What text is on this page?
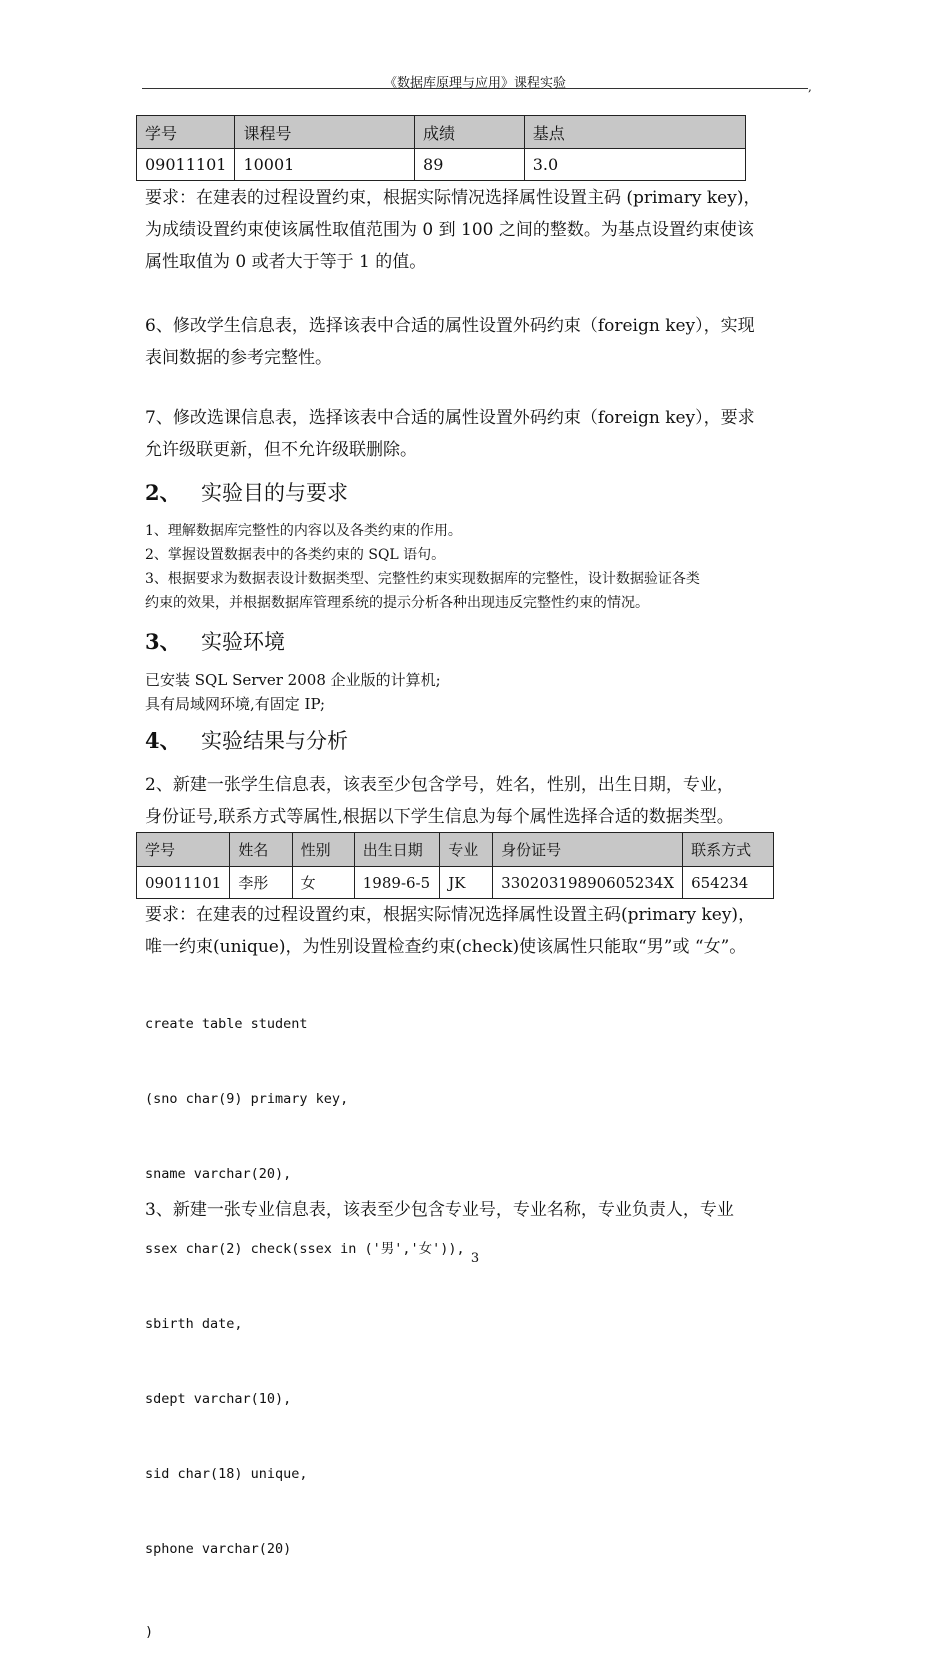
《数据库原理与应用》课程实验	,
学号	课程号	成绩	基点
09011101	10001	89	3.0
要求：在建表的过程设置约束，根据实际情况选择属性设置主码 (primary key)，
为成绩设置约束使该属性取值范围为 0 到 100 之间的整数。为基点设置约束使该
属性取值为 0 或者大于等于 1 的值。
6、修改学生信息表，选择该表中合适的属性设置外码约束（foreign key），实现
表间数据的参考完整性。
7、修改选课信息表，选择该表中合适的属性设置外码约束（foreign key），要求
允许级联更新，但不允许级联删除。
2、 实验目的与要求
1、理解数据库完整性的内容以及各类约束的作用。
2、掌握设置数据表中的各类约束的 SQL 语句。
3、根据要求为数据表设计数据类型、完整性约束实现数据库的完整性，设计数据验证各类
约束的效果，并根据数据库管理系统的提示分析各种出现违反完整性约束的情况。
3、 实验环境
已安装 SQL Server 2008 企业版的计算机;
具有局域网环境,有固定 IP;
4、 实验结果与分析
2、新建一张学生信息表，该表至少包含学号，姓名，性别，出生日期，专业，
身份证号,联系方式等属性,根据以下学生信息为每个属性选择合适的数据类型。
学号	姓名	性别	出生日期	专业	身份证号	联系方式
09011101	李彤	女	1989-6-5	JK	33020319890605234X	654234
要求：在建表的过程设置约束，根据实际情况选择属性设置主码(primary key)，
唯一约束(unique)，为性别设置检查约束(check)使该属性只能取“男”或 “女”。

create table student

(sno char(9) primary key,

sname varchar(20),

ssex char(2) check(ssex in ('男','女')),

sbirth date,

sdept varchar(10),

sid char(18) unique,

sphone varchar(20)

)

3、新建一张专业信息表，该表至少包含专业号，专业名称，专业负责人，专业
3
